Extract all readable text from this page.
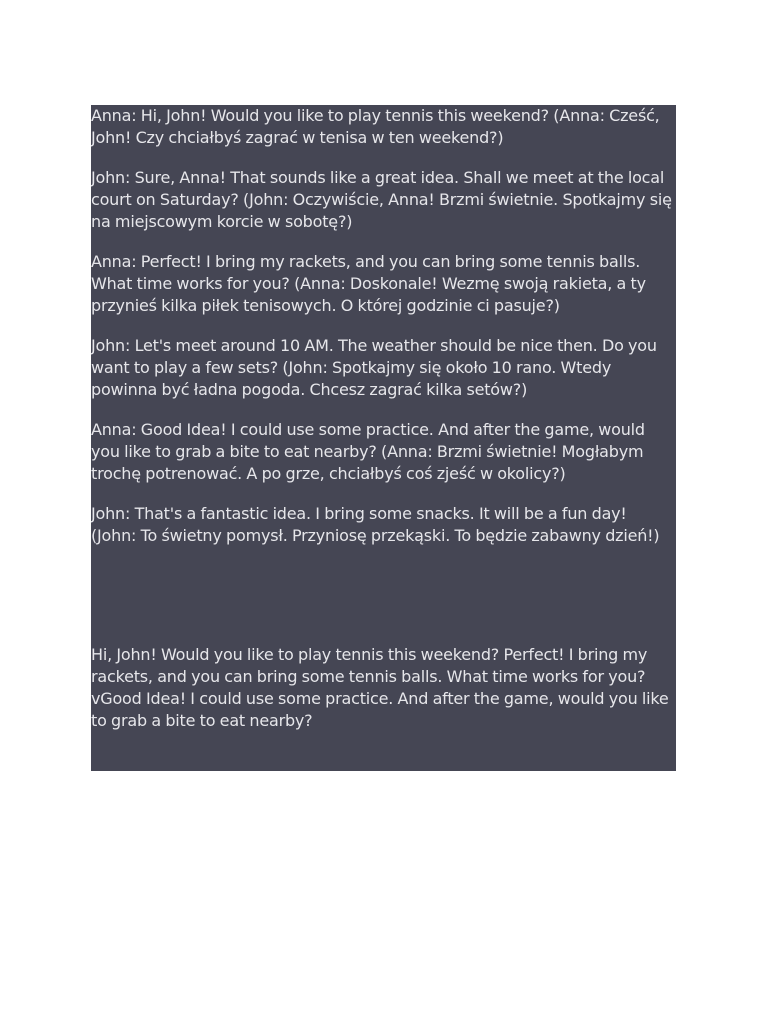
Anna: Hi, John! Would you like to play tennis this weekend? (Anna: Cześć, John! Czy chciałbyś zagrać w tenisa w ten weekend?)

John: Sure, Anna! That sounds like a great idea. Shall we meet at the local court on Saturday? (John: Oczywiście, Anna! Brzmi świetnie. Spotkajmy się na miejscowym korcie w sobotę?)

Anna: Perfect! I bring my rackets, and you can bring some tennis balls. What time works for you? (Anna: Doskonale! Wezmę swoją rakieta, a ty przynieś kilka piłek tenisowych. O której godzinie ci pasuje?)

John: Let's meet around 10 AM. The weather should be nice then. Do you want to play a few sets? (John: Spotkajmy się około 10 rano. Wtedy powinna być ładna pogoda. Chcesz zagrać kilka setów?)

Anna: Good Idea! I could use some practice. And after the game, would you like to grab a bite to eat nearby? (Anna: Brzmi świetnie! Mogłabym trochę potrenować. A po grze, chciałbyś coś zjeść w okolicy?)

John: That's a fantastic idea. I bring some snacks. It will be a fun day! (John: To świetny pomysł. Przyniosę przekąski. To będzie zabawny dzień!)

Hi, John! Would you like to play tennis this weekend? Perfect! I bring my rackets, and you can bring some tennis balls. What time works for you? vGood Idea! I could use some practice. And after the game, would you like to grab a bite to eat nearby?
